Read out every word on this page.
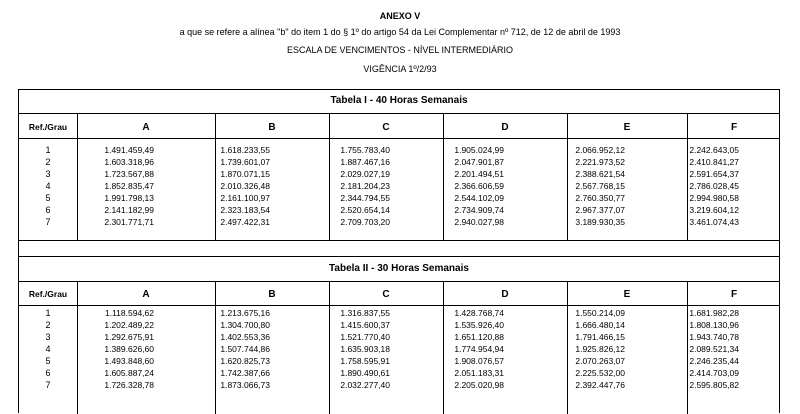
ANEXO V
a que se refere a alínea "b" do item 1 do § 1º do artigo 54 da Lei Complementar nº 712, de 12 de abril de 1993
ESCALA DE VENCIMENTOS - NÍVEL INTERMEDIÁRIO
VIGÊNCIA 1º/2/93
Tabela I - 40 Horas Semanais
Ref./Grau	A	B	C	D	E	F
1	1.491.459,49	1.618.233,55	1.755.783,40	1.905.024,99	2.066.952,12	2.242.643,05
2	1.603.318,96	1.739.601,07	1.887.467,16	2.047.901,87	2.221.973,52	2.410.841,27
3	1.723.567,88	1.870.071,15	2.029.027,19	2.201.494,51	2.388.621,54	2.591.654,37
4	1.852.835,47	2.010.326,48	2.181.204,23	2.366.606,59	2.567.768,15	2.786.028,45
5	1.991.798,13	2.161.100,97	2.344.794,55	2.544.102,09	2.760.350,77	2.994.980,58
6	2.141.182,99	2.323.183,54	2.520.654,14	2.734.909,74	2.967.377,07	3.219.604,12
7	2.301.771,71	2.497.422,31	2.709.703,20	2.940.027,98	3.189.930,35	3.461.074,43
Tabela II - 30 Horas Semanais
Ref./Grau	A	B	C	D	E	F
1	1.118.594,62	1.213.675,16	1.316.837,55	1.428.768,74	1.550.214,09	1.681.982,28
2	1.202.489,22	1.304.700,80	1.415.600,37	1.535.926,40	1.666.480,14	1.808.130,96
3	1.292.675,91	1.402.553,36	1.521.770,40	1.651.120,88	1.791.466,15	1.943.740,78
4	1.389.626,60	1.507.744,86	1.635.903,18	1.774.954,94	1.925.826,12	2.089.521,34
5	1.493.848,60	1.620.825,73	1.758.595,91	1.908.076,57	2.070.263,07	2.246.235,44
6	1.605.887,24	1.742.387,66	1.890.490,61	2.051.183,31	2.225.532,00	2.414.703,09
7	1.726.328,78	1.873.066,73	2.032.277,40	2.205.020,98	2.392.447,76	2.595.805,82
